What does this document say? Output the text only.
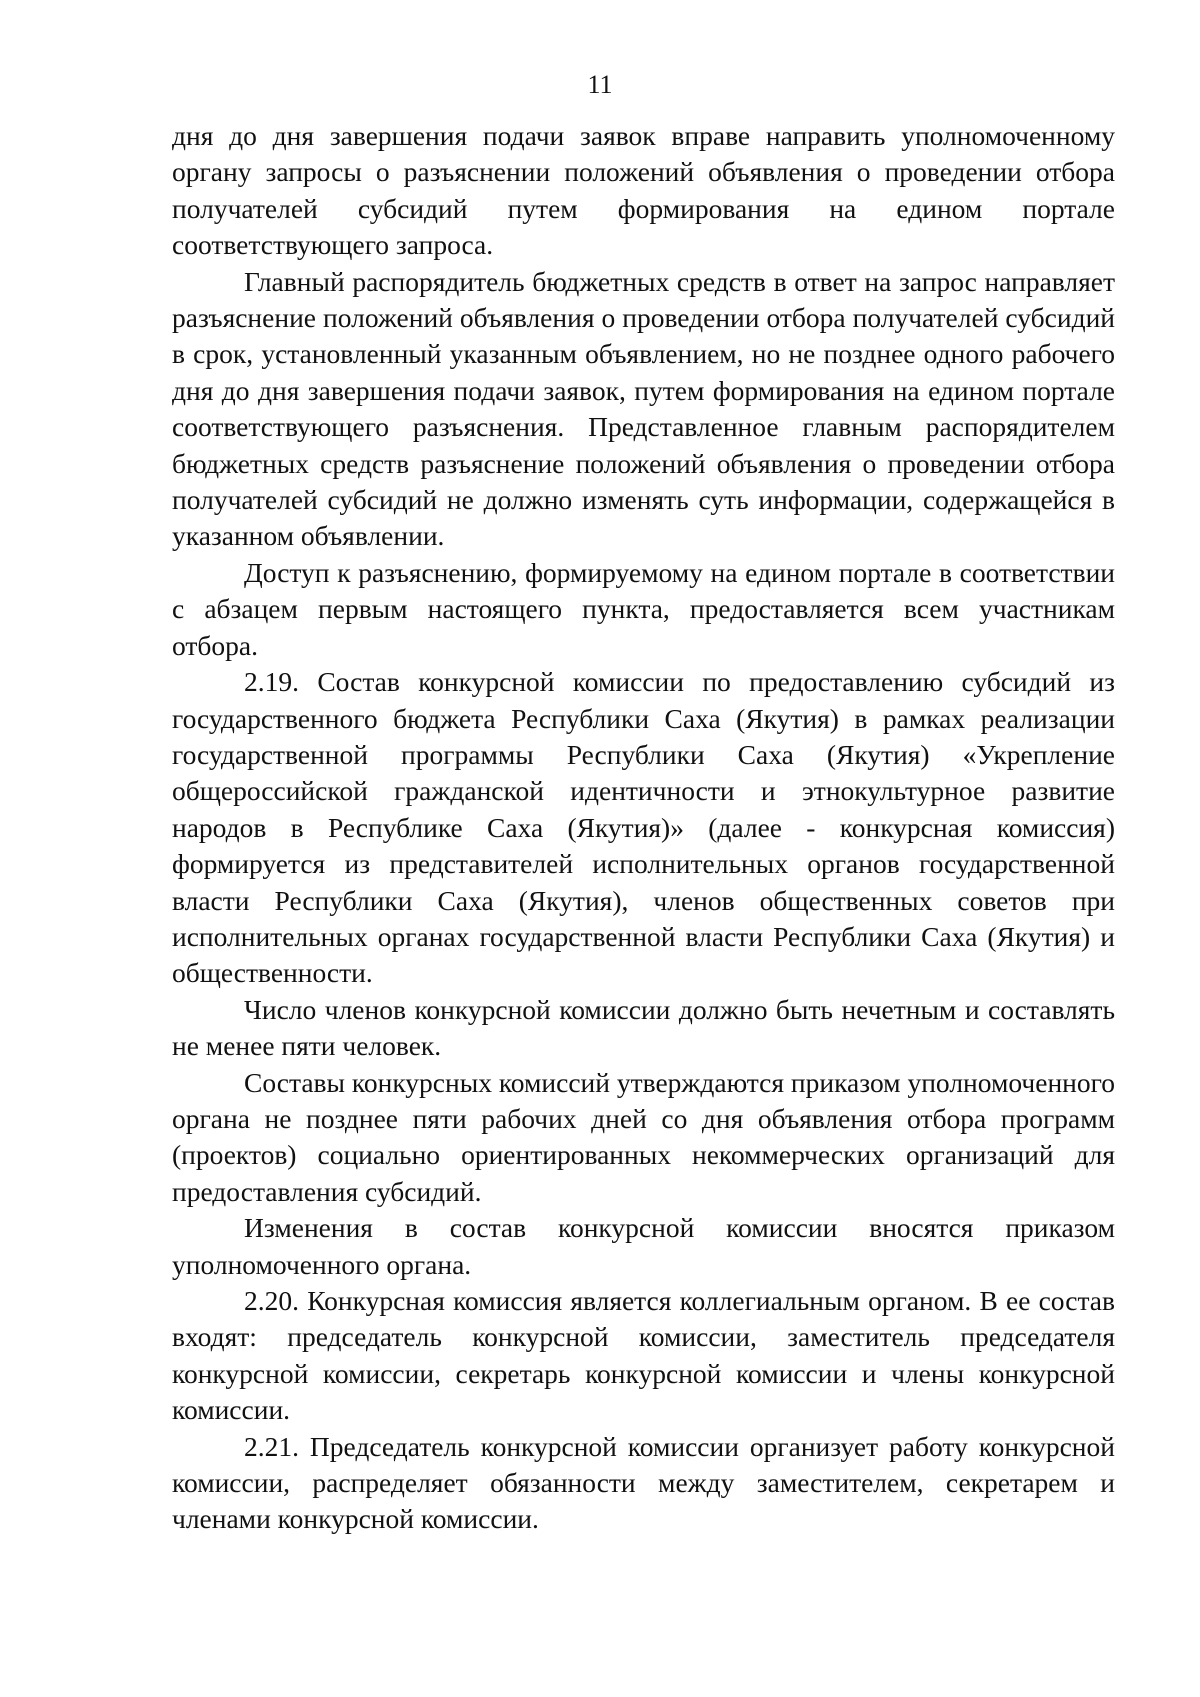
11

дня до дня завершения подачи заявок вправе направить уполномоченному органу запросы о разъяснении положений объявления о проведении отбора получателей субсидий путем формирования на едином портале соответствующего запроса.

Главный распорядитель бюджетных средств в ответ на запрос направляет разъяснение положений объявления о проведении отбора получателей субсидий в срок, установленный указанным объявлением, но не позднее одного рабочего дня до дня завершения подачи заявок, путем формирования на едином портале соответствующего разъяснения. Представленное главным распорядителем бюджетных средств разъяснение положений объявления о проведении отбора получателей субсидий не должно изменять суть информации, содержащейся в указанном объявлении.

Доступ к разъяснению, формируемому на едином портале в соответствии с абзацем первым настоящего пункта, предоставляется всем участникам отбора.

2.19. Состав конкурсной комиссии по предоставлению субсидий из государственного бюджета Республики Саха (Якутия) в рамках реализации государственной программы Республики Саха (Якутия) «Укрепление общероссийской гражданской идентичности и этнокультурное развитие народов в Республике Саха (Якутия)» (далее - конкурсная комиссия) формируется из представителей исполнительных органов государственной власти Республики Саха (Якутия), членов общественных советов при исполнительных органах государственной власти Республики Саха (Якутия) и общественности.

Число членов конкурсной комиссии должно быть нечетным и составлять не менее пяти человек.

Составы конкурсных комиссий утверждаются приказом уполномоченного органа не позднее пяти рабочих дней со дня объявления отбора программ (проектов) социально ориентированных некоммерческих организаций для предоставления субсидий.

Изменения в состав конкурсной комиссии вносятся приказом уполномоченного органа.

2.20. Конкурсная комиссия является коллегиальным органом. В ее состав входят: председатель конкурсной комиссии, заместитель председателя конкурсной комиссии, секретарь конкурсной комиссии и члены конкурсной комиссии.

2.21. Председатель конкурсной комиссии организует работу конкурсной комиссии, распределяет обязанности между заместителем, секретарем и членами конкурсной комиссии.
